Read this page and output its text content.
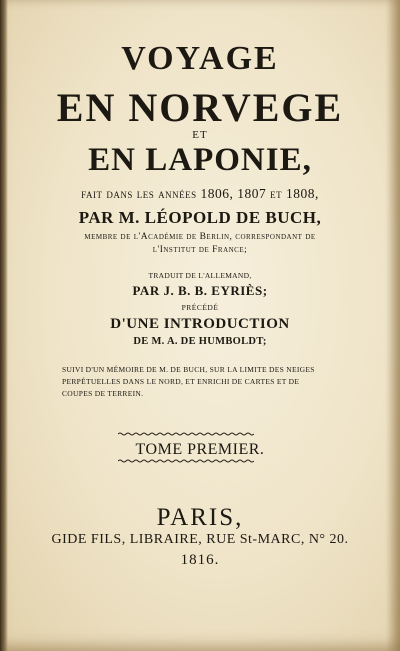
VOYAGE
EN NORVEGE
ET
EN LAPONIE,
fait dans les années 1806, 1807 et 1808,
PAR M. LÉOPOLD DE BUCH,
membre de l'Académie de Berlin, correspondant de
l'Institut de France;
TRADUIT DE L'ALLEMAND,
PAR J. B. B. EYRIÈS;
PRÉCÉDÉ
D'UNE INTRODUCTION
DE M. A. DE HUMBOLDT;
SUIVI D'UN MÉMOIRE DE M. DE BUCH, SUR LA LIMITE DES NEIGES
PERPÉTUELLES DANS LE NORD, ET ENRICHI DE CARTES ET DE
COUPES DE TERREIN.
TOME PREMIER.
PARIS,
GIDE FILS, LIBRAIRE, RUE St-MARC, N° 20.
1816.
